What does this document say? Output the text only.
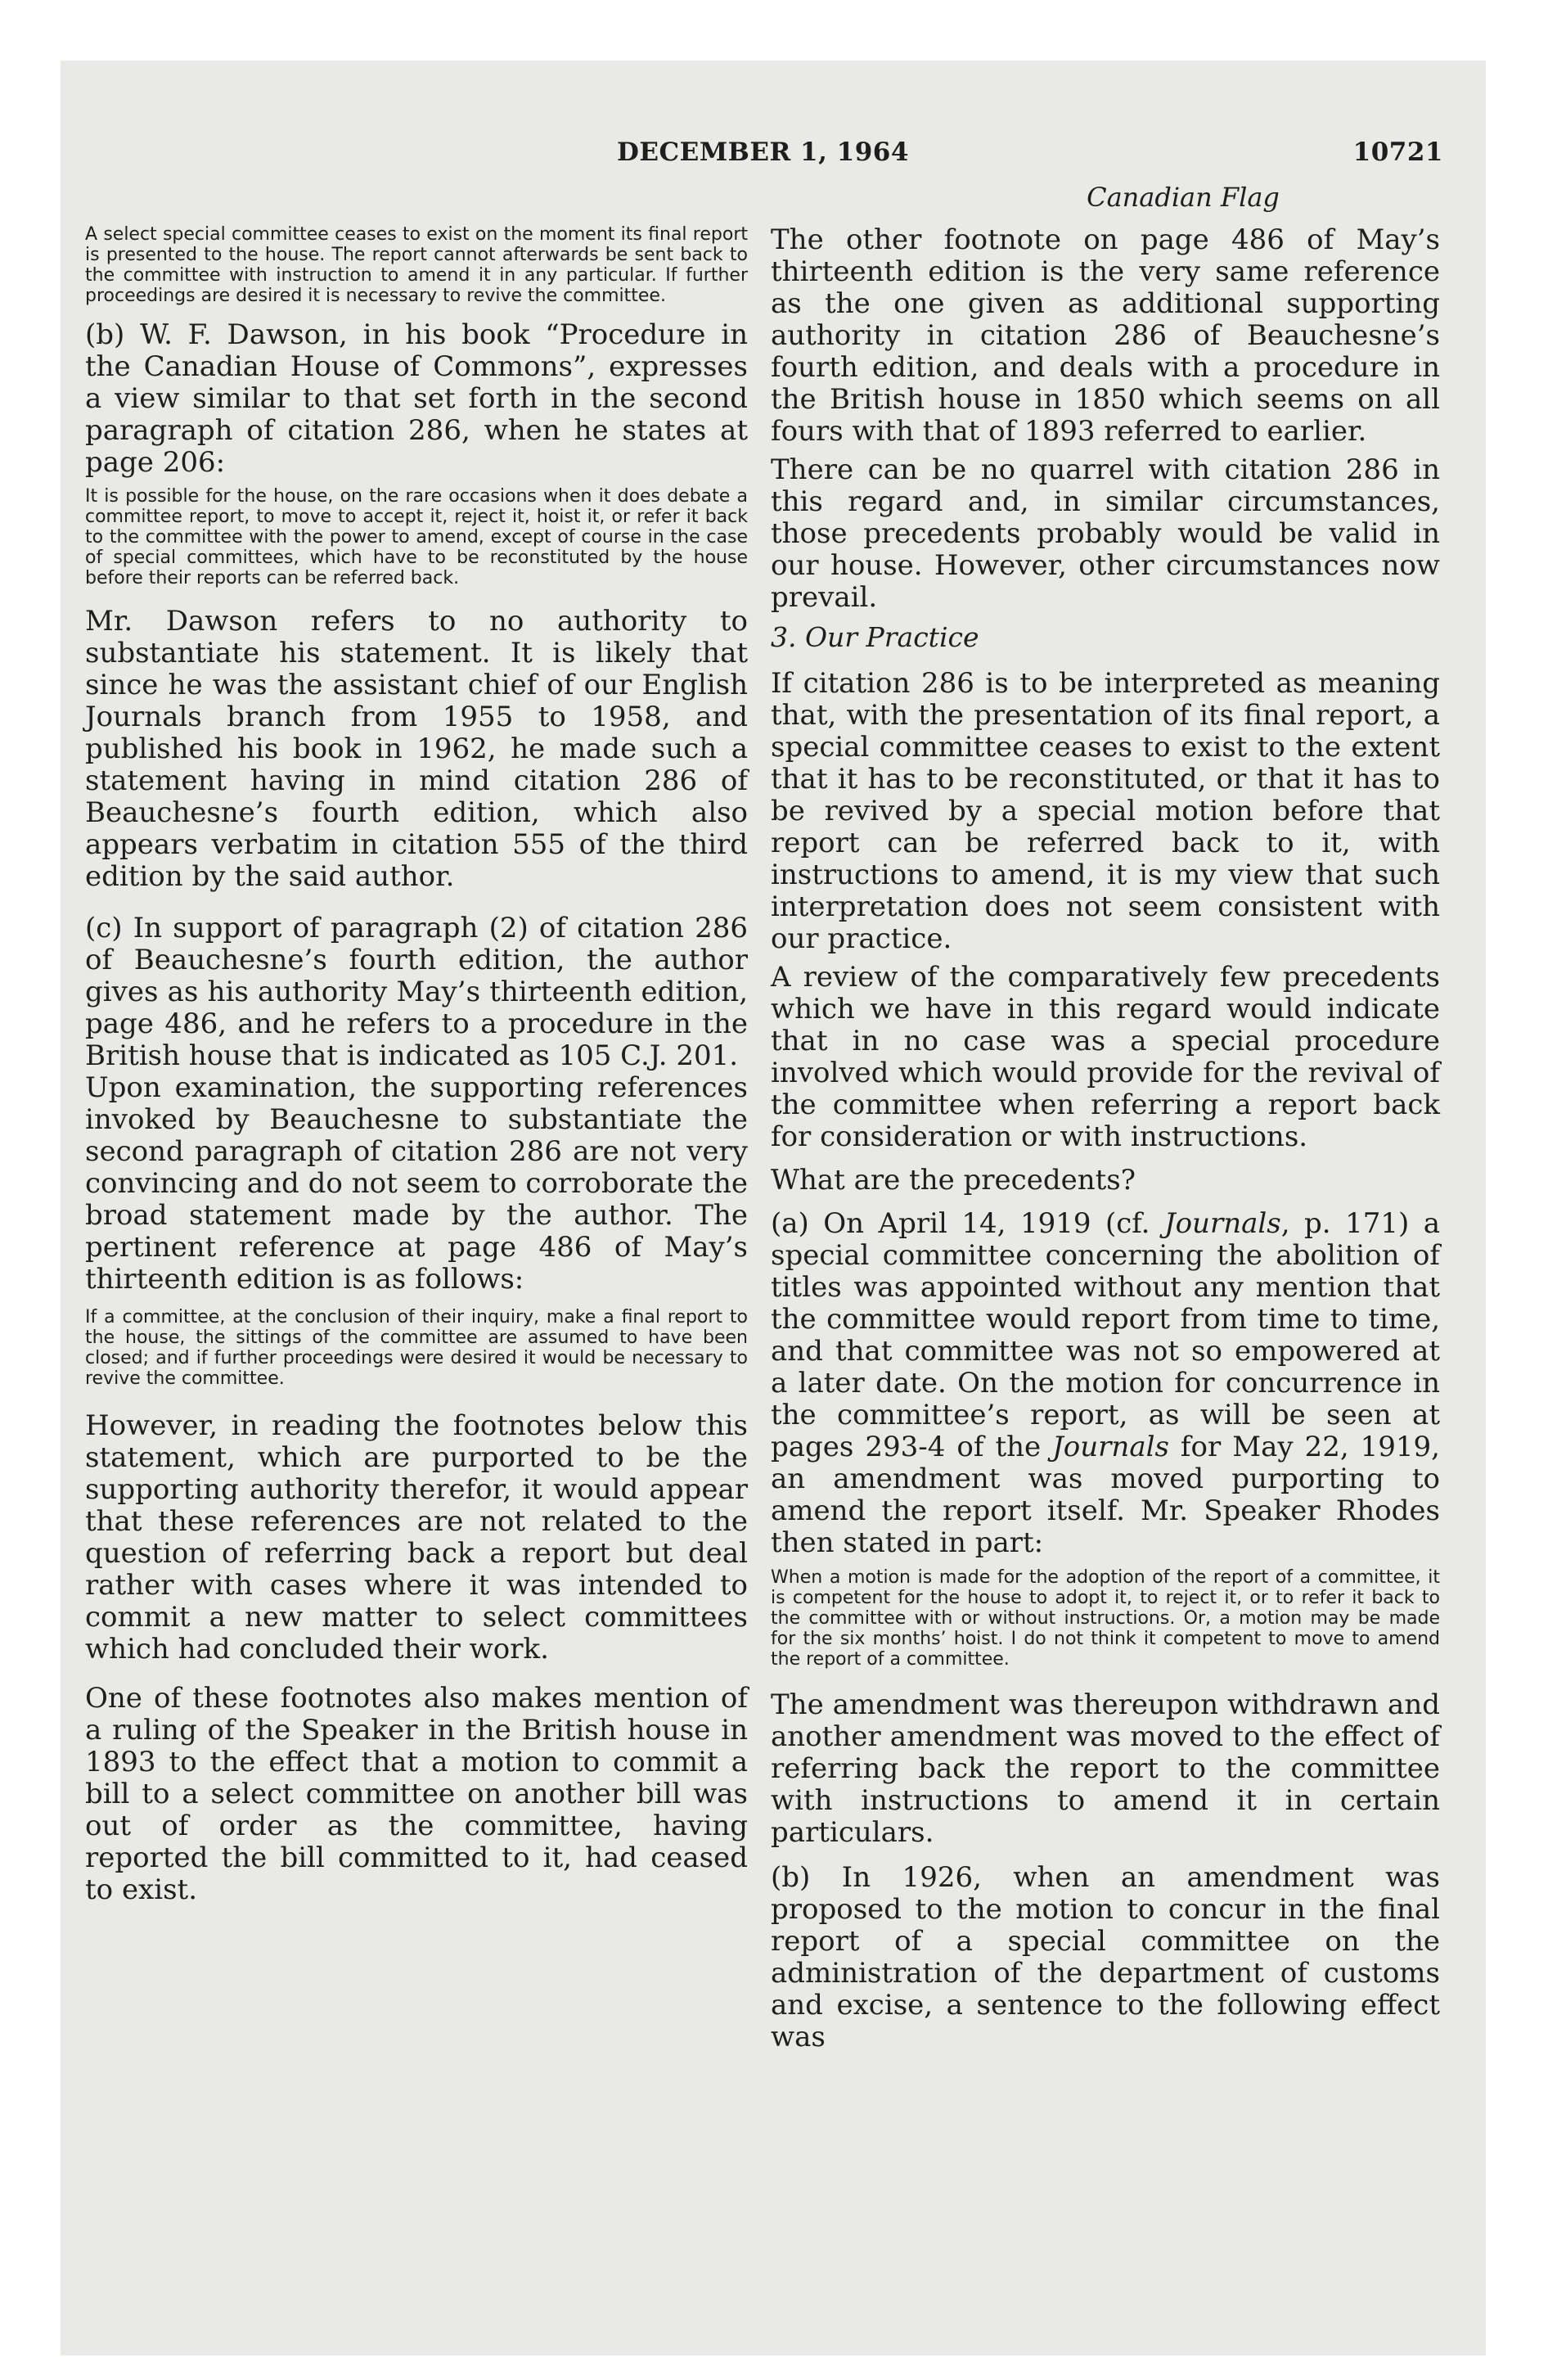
DECEMBER 1, 1964	10721
Canadian Flag

A select special committee ceases to exist on the moment its final report is presented to the house. The report cannot afterwards be sent back to the committee with instruction to amend it in any particular. If further proceedings are desired it is necessary to revive the committee.

(b) W. F. Dawson, in his book “Procedure in the Canadian House of Commons”, expresses a view similar to that set forth in the second paragraph of citation 286, when he states at page 206:

It is possible for the house, on the rare occasions when it does debate a committee report, to move to accept it, reject it, hoist it, or refer it back to the committee with the power to amend, except of course in the case of special committees, which have to be reconstituted by the house before their reports can be referred back.

Mr. Dawson refers to no authority to substantiate his statement. It is likely that since he was the assistant chief of our English Journals branch from 1955 to 1958, and published his book in 1962, he made such a statement having in mind citation 286 of Beauchesne’s fourth edition, which also appears verbatim in citation 555 of the third edition by the said author.

(c) In support of paragraph (2) of citation 286 of Beauchesne’s fourth edition, the author gives as his authority May’s thirteenth edition, page 486, and he refers to a procedure in the British house that is indicated as 105 C.J. 201.

Upon examination, the supporting references invoked by Beauchesne to substantiate the second paragraph of citation 286 are not very convincing and do not seem to corroborate the broad statement made by the author. The pertinent reference at page 486 of May’s thirteenth edition is as follows:

If a committee, at the conclusion of their inquiry, make a final report to the house, the sittings of the committee are assumed to have been closed; and if further proceedings were desired it would be necessary to revive the committee.

However, in reading the footnotes below this statement, which are purported to be the supporting authority therefor, it would appear that these references are not related to the question of referring back a report but deal rather with cases where it was intended to commit a new matter to select committees which had concluded their work.

One of these footnotes also makes mention of a ruling of the Speaker in the British house in 1893 to the effect that a motion to commit a bill to a select committee on another bill was out of order as the committee, having reported the bill committed to it, had ceased to exist.

The other footnote on page 486 of May’s thirteenth edition is the very same reference as the one given as additional supporting authority in citation 286 of Beauchesne’s fourth edition, and deals with a procedure in the British house in 1850 which seems on all fours with that of 1893 referred to earlier.

There can be no quarrel with citation 286 in this regard and, in similar circumstances, those precedents probably would be valid in our house. However, other circumstances now prevail.

3. Our Practice

If citation 286 is to be interpreted as meaning that, with the presentation of its final report, a special committee ceases to exist to the extent that it has to be reconstituted, or that it has to be revived by a special motion before that report can be referred back to it, with instructions to amend, it is my view that such interpretation does not seem consistent with our practice.

A review of the comparatively few precedents which we have in this regard would indicate that in no case was a special procedure involved which would provide for the revival of the committee when referring a report back for consideration or with instructions.

What are the precedents?

(a) On April 14, 1919 (cf. Journals, p. 171) a special committee concerning the abolition of titles was appointed without any mention that the committee would report from time to time, and that committee was not so empowered at a later date. On the motion for concurrence in the committee’s report, as will be seen at pages 293-4 of the Journals for May 22, 1919, an amendment was moved purporting to amend the report itself. Mr. Speaker Rhodes then stated in part:

When a motion is made for the adoption of the report of a committee, it is competent for the house to adopt it, to reject it, or to refer it back to the committee with or without instructions. Or, a motion may be made for the six months’ hoist. I do not think it competent to move to amend the report of a committee.

The amendment was thereupon withdrawn and another amendment was moved to the effect of referring back the report to the committee with instructions to amend it in certain particulars.

(b) In 1926, when an amendment was proposed to the motion to concur in the final report of a special committee on the administration of the department of customs and excise, a sentence to the following effect was
